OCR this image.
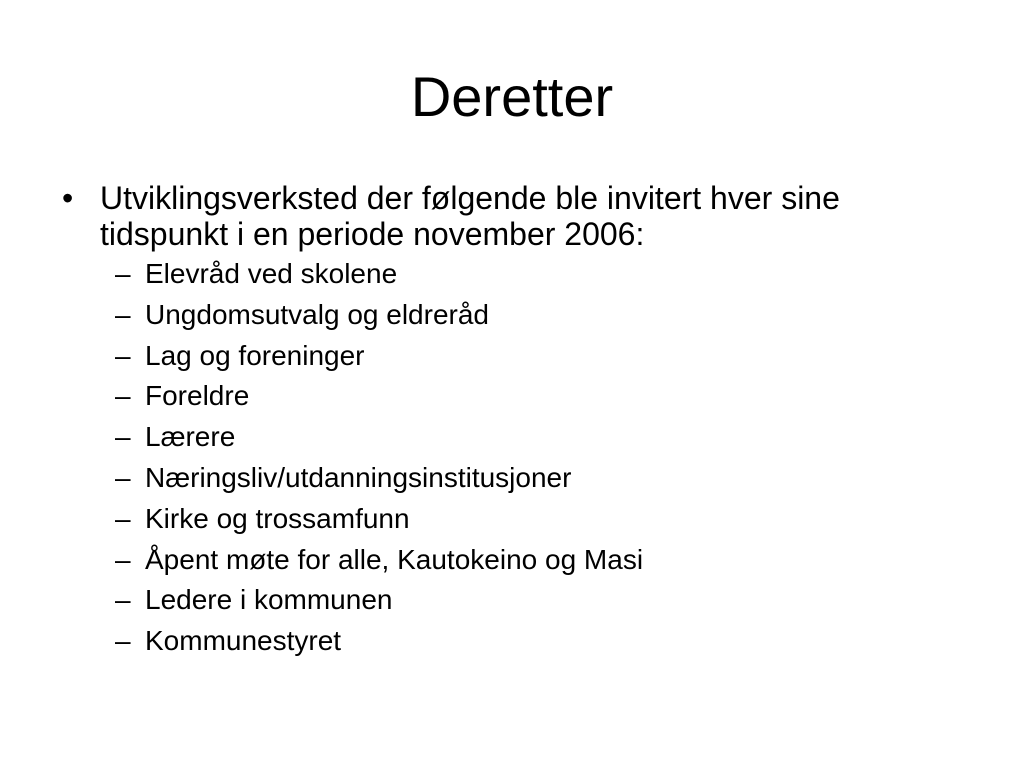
Deretter
• Utviklingsverksted der følgende ble invitert hver sine tidspunkt i en periode november 2006:
– Elevråd ved skolene
– Ungdomsutvalg og eldreråd
– Lag og foreninger
– Foreldre
– Lærere
– Næringsliv/utdanningsinstitusjoner
– Kirke og trossamfunn
– Åpent møte for alle, Kautokeino og Masi
– Ledere i kommunen
– Kommunestyret
